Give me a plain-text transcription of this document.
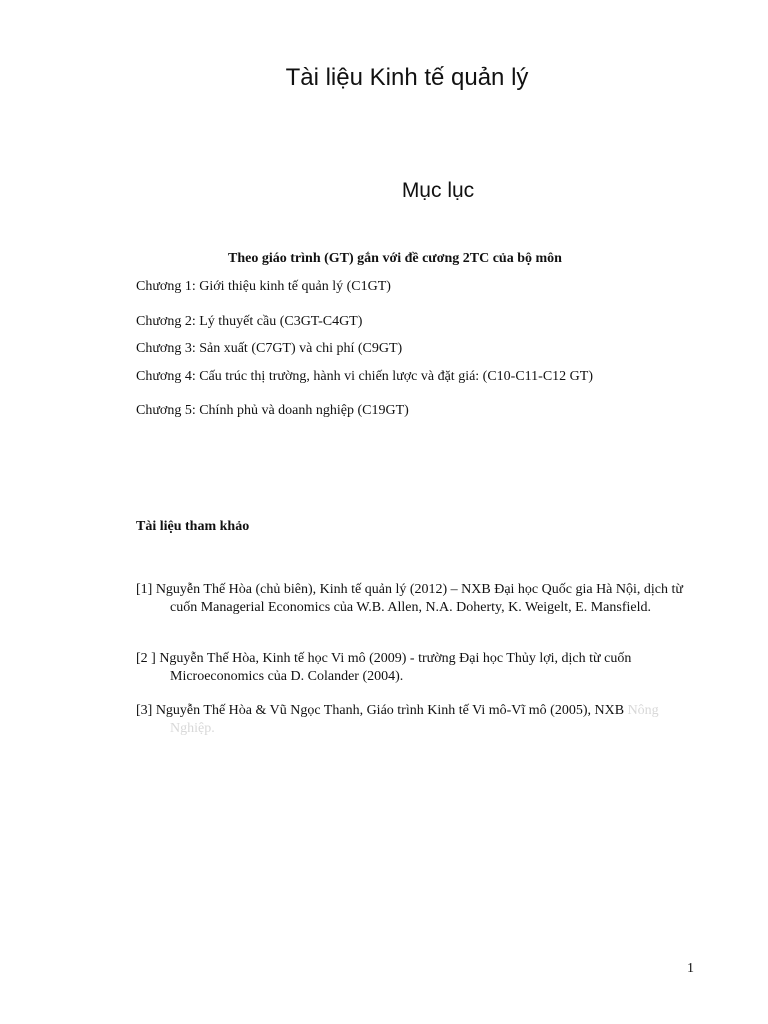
Tài liệu Kinh tế quản lý
Mục lục
Theo giáo trình (GT) gắn với đề cương 2TC của bộ môn
Chương 1: Giới thiệu kinh tế quản lý (C1GT)
Chương 2: Lý thuyết cầu (C3GT-C4GT)
Chương 3: Sản xuất (C7GT) và chi phí (C9GT)
Chương 4: Cấu trúc thị trường, hành vi chiến lược và đặt giá: (C10-C11-C12 GT)
Chương 5: Chính phủ và doanh nghiệp (C19GT)
Tài liệu tham khảo
[1] Nguyễn Thế Hòa (chủ biên), Kinh tế quản lý (2012) – NXB Đại học Quốc gia Hà Nội, dịch từ cuốn Managerial Economics của W.B. Allen, N.A. Doherty, K. Weigelt, E. Mansfield.
[2 ] Nguyễn Thế Hòa, Kinh tế học Vi mô (2009) - trường Đại học Thủy lợi, dịch từ cuốn Microeconomics của D. Colander (2004).
[3] Nguyễn Thế Hòa & Vũ Ngọc Thanh, Giáo trình Kinh tế Vi mô-Vĩ mô (2005), NXB Nông Nghiệp.
1
